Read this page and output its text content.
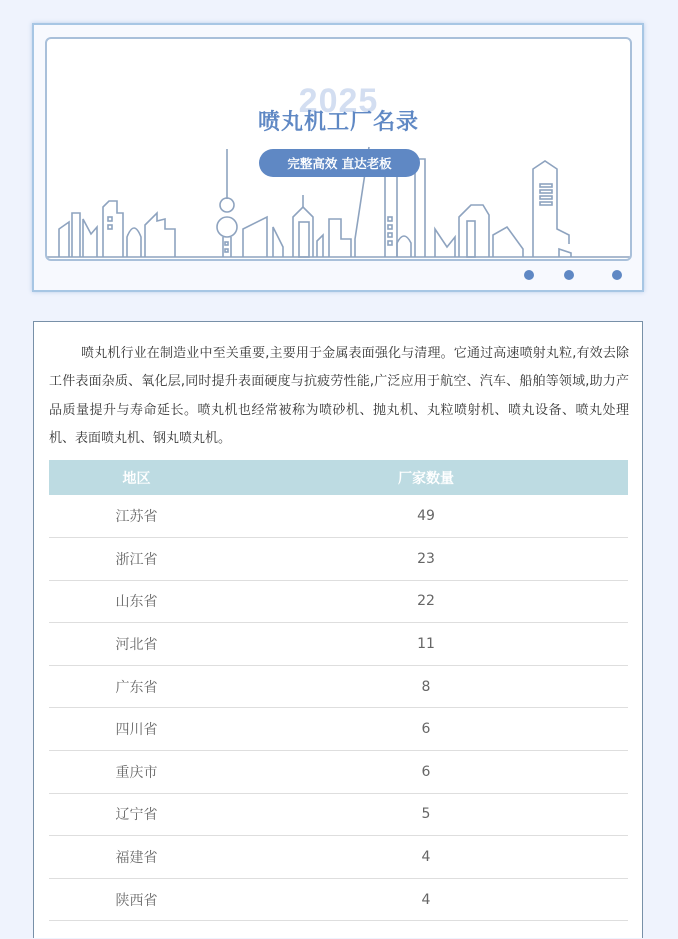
2025
喷丸机工厂名录
完整高效 直达老板

喷丸机行业在制造业中至关重要,主要用于金属表面强化与清理。它通过高速喷射丸粒,有效去除工件表面杂质、氧化层,同时提升表面硬度与抗疲劳性能,广泛应用于航空、汽车、船舶等领域,助力产品质量提升与寿命延长。喷丸机也经常被称为喷砂机、抛丸机、丸粒喷射机、喷丸设备、喷丸处理机、表面喷丸机、钢丸喷丸机。

地区	厂家数量
江苏省	49
浙江省	23
山东省	22
河北省	11
广东省	8
四川省	6
重庆市	6
辽宁省	5
福建省	4
陕西省	4
